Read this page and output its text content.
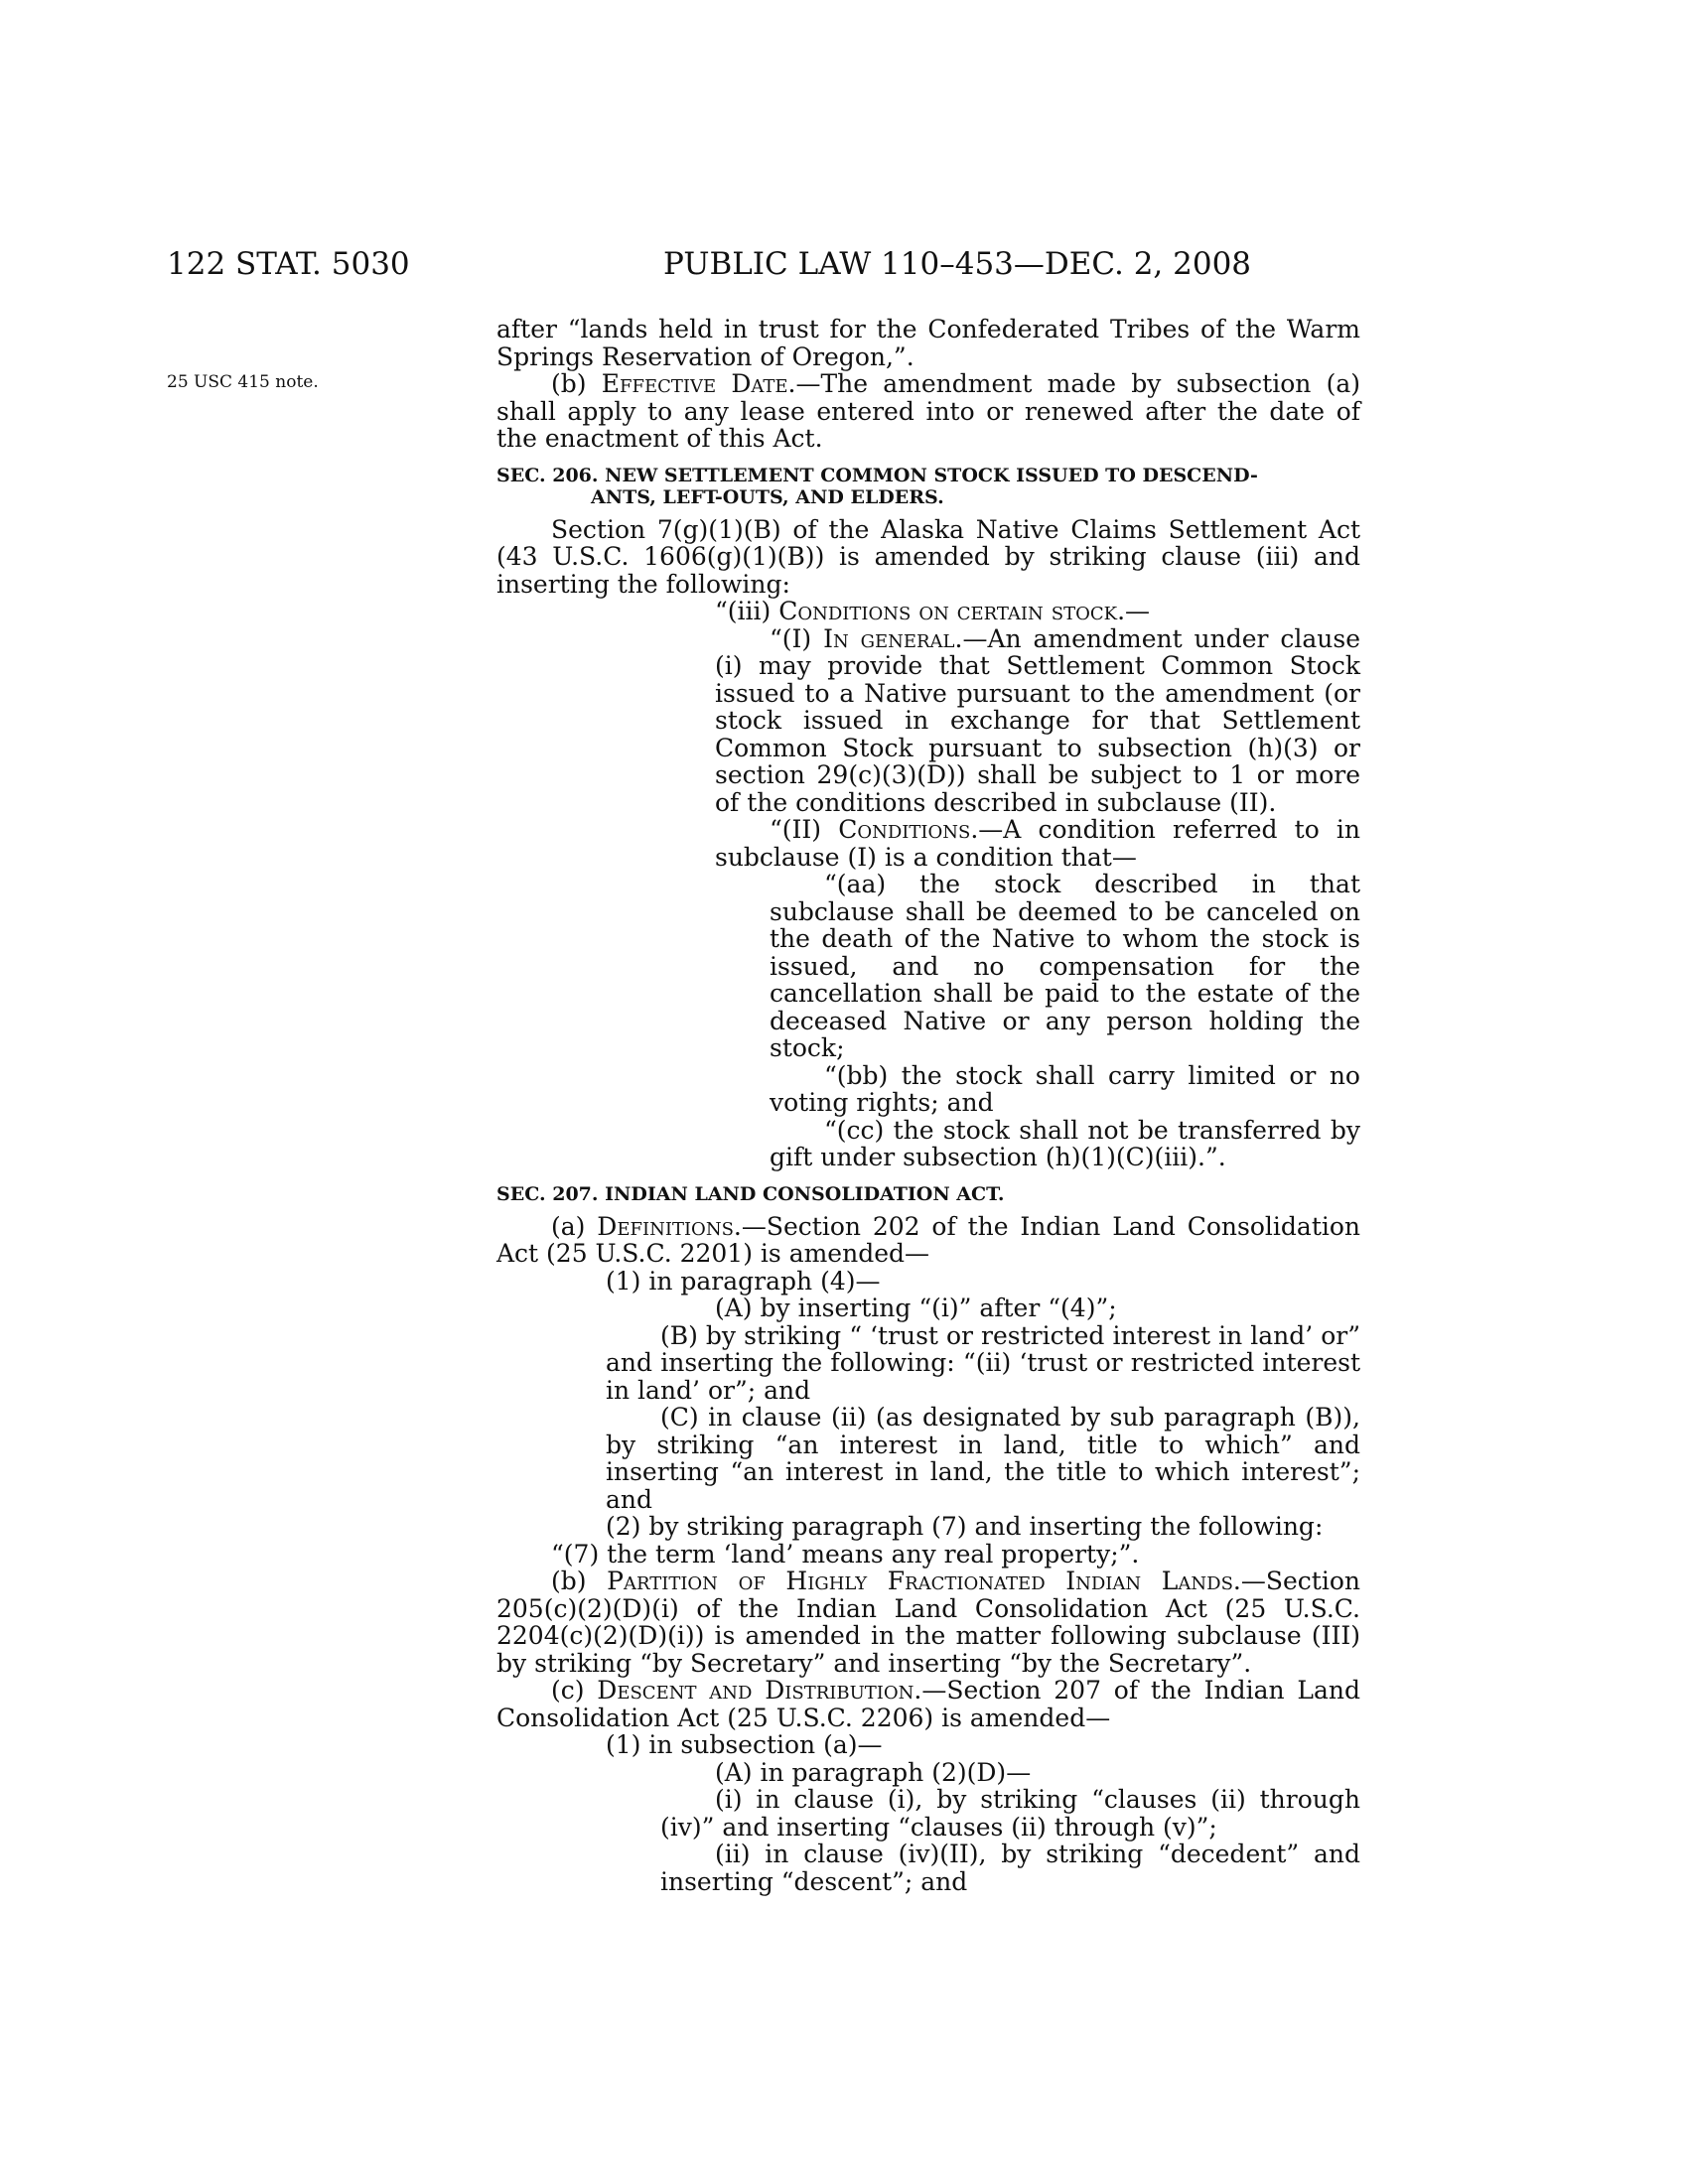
122 STAT. 5030	PUBLIC LAW 110–453—DEC. 2, 2008
25 USC 415 note.

after “lands held in trust for the Confederated Tribes of the Warm Springs Reservation of Oregon,”.

(b) Effective Date.—The amendment made by subsection (a) shall apply to any lease entered into or renewed after the date of the enactment of this Act.

SEC. 206. NEW SETTLEMENT COMMON STOCK ISSUED TO DESCEND-
ANTS, LEFT-OUTS, AND ELDERS.

Section 7(g)(1)(B) of the Alaska Native Claims Settlement Act (43 U.S.C. 1606(g)(1)(B)) is amended by striking clause (iii) and inserting the following:

“(iii) Conditions on certain stock.—

“(I) In general.—An amendment under clause (i) may provide that Settlement Common Stock issued to a Native pursuant to the amendment (or stock issued in exchange for that Settlement Common Stock pursuant to subsection (h)(3) or section 29(c)(3)(D)) shall be subject to 1 or more of the conditions described in subclause (II).

“(II) Conditions.—A condition referred to in subclause (I) is a condition that—

“(aa) the stock described in that subclause shall be deemed to be canceled on the death of the Native to whom the stock is issued, and no compensation for the cancellation shall be paid to the estate of the deceased Native or any person holding the stock;

“(bb) the stock shall carry limited or no voting rights; and

“(cc) the stock shall not be transferred by gift under subsection (h)(1)(C)(iii).”.

SEC. 207. INDIAN LAND CONSOLIDATION ACT.

(a) Definitions.—Section 202 of the Indian Land Consolidation Act (25 U.S.C. 2201) is amended—

(1) in paragraph (4)—

(A) by inserting “(i)” after “(4)”;

(B) by striking “ ‘trust or restricted interest in land’ or” and inserting the following: “(ii) ‘trust or restricted interest in land’ or”; and

(C) in clause (ii) (as designated by sub paragraph (B)), by striking “an interest in land, title to which” and inserting “an interest in land, the title to which interest”; and

(2) by striking paragraph (7) and inserting the following:

“(7) the term ‘land’ means any real property;”.

(b) Partition of Highly Fractionated Indian Lands.—Section 205(c)(2)(D)(i) of the Indian Land Consolidation Act (25 U.S.C. 2204(c)(2)(D)(i)) is amended in the matter following subclause (III) by striking “by Secretary” and inserting “by the Secretary”.

(c) Descent and Distribution.—Section 207 of the Indian Land Consolidation Act (25 U.S.C. 2206) is amended—

(1) in subsection (a)—

(A) in paragraph (2)(D)—

(i) in clause (i), by striking “clauses (ii) through (iv)” and inserting “clauses (ii) through (v)”;

(ii) in clause (iv)(II), by striking “decedent” and inserting “descent”; and
